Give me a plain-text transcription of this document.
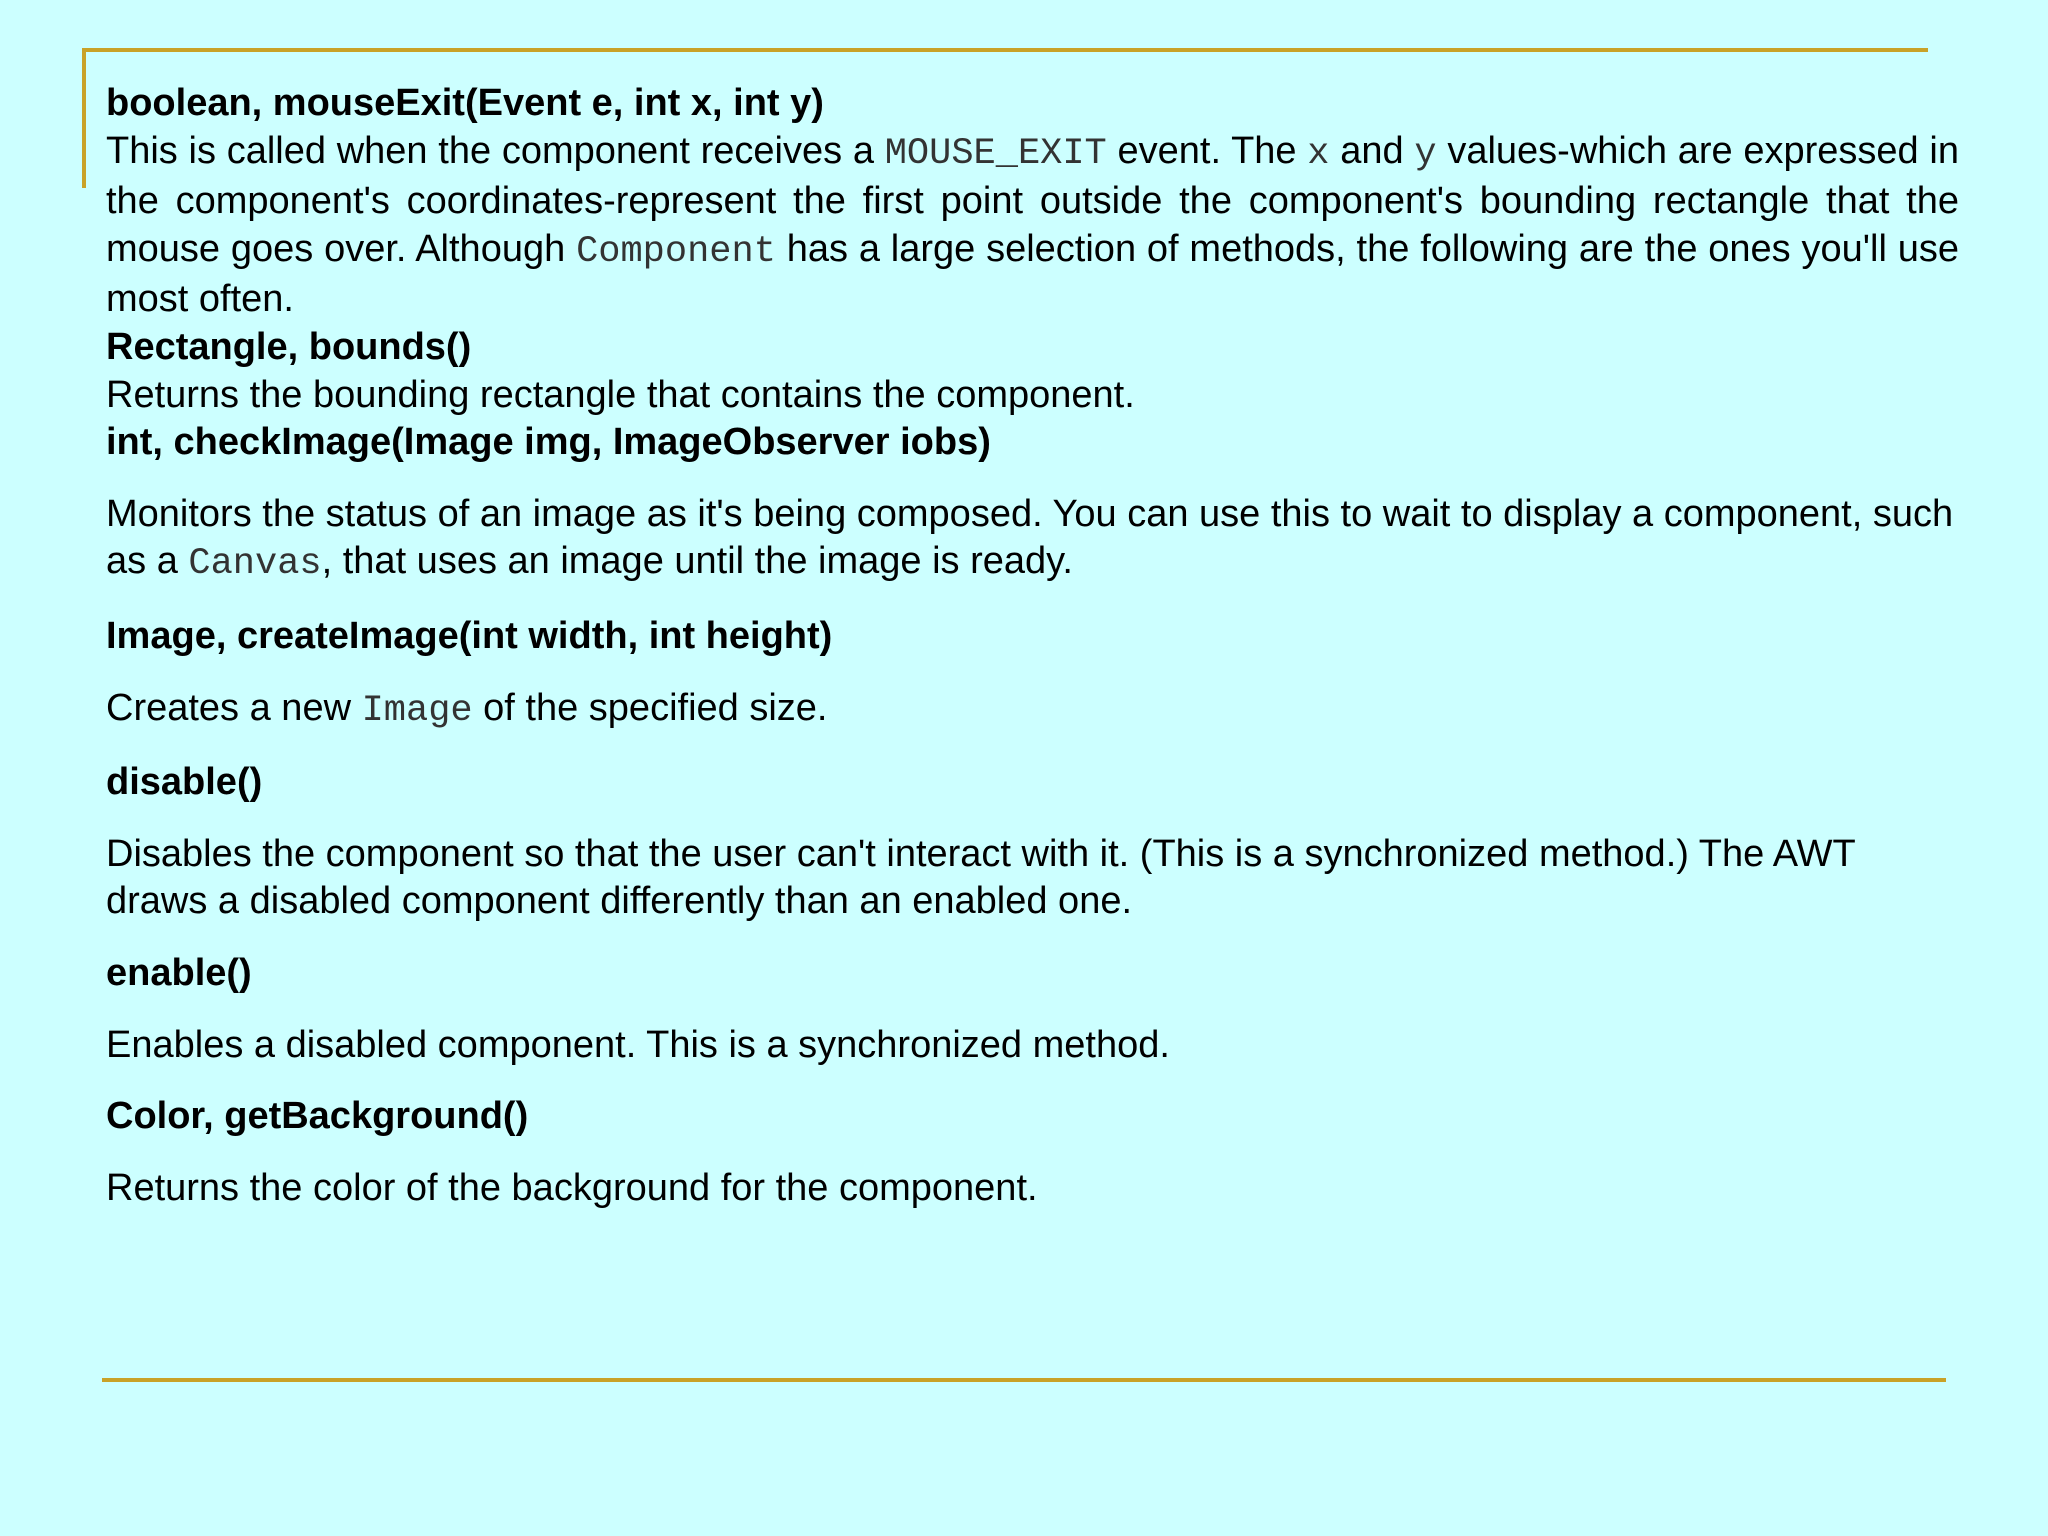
boolean, mouseExit(Event e, int x, int y)

This is called when the component receives a MOUSE_EXIT event. The x and y values-which are expressed in the component's coordinates-represent the first point outside the component's bounding rectangle that the mouse goes over. Although Component has a large selection of methods, the following are the ones you'll use most often.

Rectangle, bounds()

Returns the bounding rectangle that contains the component.

int, checkImage(Image img, ImageObserver iobs)

Monitors the status of an image as it's being composed. You can use this to wait to display a component, such as a Canvas, that uses an image until the image is ready.

Image, createImage(int width, int height)

Creates a new Image of the specified size.

disable()

Disables the component so that the user can't interact with it. (This is a synchronized method.) The AWT draws a disabled component differently than an enabled one.

enable()

Enables a disabled component. This is a synchronized method.

Color, getBackground()

Returns the color of the background for the component.
